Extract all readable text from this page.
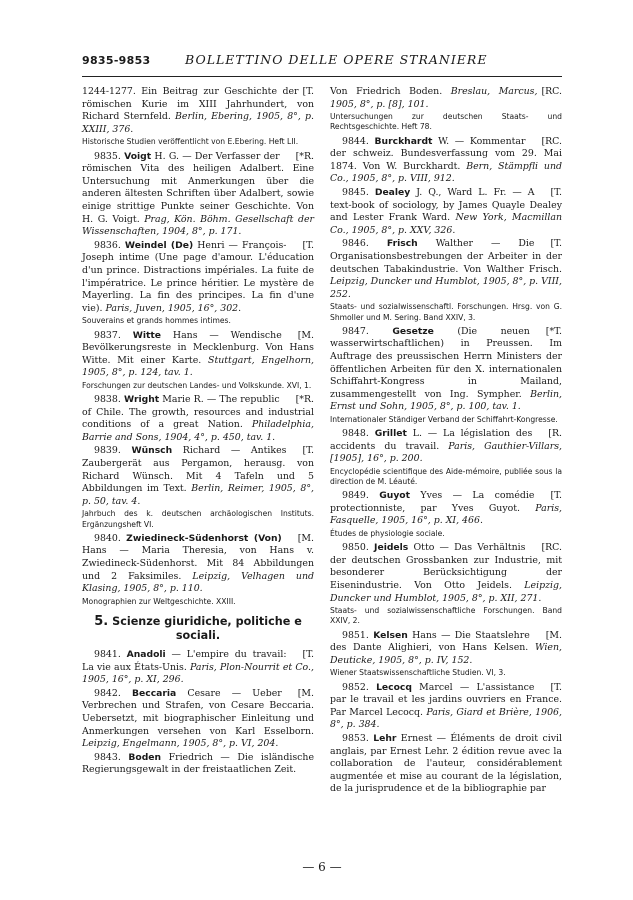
9835-9853	BOLLETTINO DELLE OPERE STRANIERE

[T.
1244-1277. Ein Beitrag zur Geschichte der römischen Kurie im XIII Jahrhundert, von Richard Sternfeld. Berlin, Ebering, 1905, 8°, p. XXIII, 376.

Historische Studien veröffentlicht von E.Ebering. Heft LII.

[*R.
9835. Voigt H. G. — Der Verfasser der römischen Vita des heiligen Adalbert. Eine Untersuchung mit Anmerkungen über die anderen ältesten Schriften über Adalbert, sowie einige strittige Punkte seiner Geschichte. Von H. G. Voigt. Prag, Kön. Böhm. Gesellschaft der Wissenschaften, 1904, 8°, p. 171.

[T.
9836. Weindel (De) Henri — François-Joseph intime (Une page d'amour. L'éducation d'un prince. Distractions impériales. La fuite de l'impératrice. Le prince héritier. Le mystère de Mayerling. La fin des principes. La fin d'une vie). Paris, Juven, 1905, 16°, 302.

Souverains et grands hommes intimes.

[M.
9837. Witte Hans — Wendische Bevölkerungsreste in Mecklenburg. Von Hans Witte. Mit einer Karte. Stuttgart, Engelhorn, 1905, 8°, p. 124, tav. 1.

Forschungen zur deutschen Landes- und Volkskunde. XVI, 1.

[*R.
9838. Wright Marie R. — The republic of Chile. The growth, resources and industrial conditions of a great Nation. Philadelphia, Barrie and Sons, 1904, 4°, p. 450, tav. 1.

[T.
9839. Wünsch Richard — Antikes Zaubergerät aus Pergamon, herausg. von Richard Wünsch. Mit 4 Tafeln und 5 Abbildungen im Text. Berlin, Reimer, 1905, 8°, p. 50, tav. 4.

Jahrbuch des k. deutschen archäologischen Instituts. Ergänzungsheft VI.

[M.
9840. Zwiedineck-Südenhorst (Von) Hans — Maria Theresia, von Hans v. Zwiedineck-Südenhorst. Mit 84 Abbildungen und 2 Faksimiles. Leipzig, Velhagen und Klasing, 1905, 8°, p. 110.

Monographien zur Weltgeschichte. XXIII.

5. Scienze giuridiche, politiche e sociali.

[T.
9841. Anadoli — L'empire du travail: La vie aux États-Unis. Paris, Plon-Nourrit et Co., 1905, 16°, p. XI, 296.

[M.
9842. Beccaria Cesare — Ueber Verbrechen und Strafen, von Cesare Beccaria. Uebersetzt, mit biographischer Einleitung und Anmerkungen versehen von Karl Esselborn. Leipzig, Engelmann, 1905, 8°, p. VI, 204.

9843. Boden Friedrich — Die isländische Regierungsgewalt in der freistaatlichen Zeit.

[RC.
Von Friedrich Boden. Breslau, Marcus, 1905, 8°, p. [8], 101.

Untersuchungen zur deutschen Staats- und Rechtsgeschichte. Heft 78.

[RC.
9844. Burckhardt W. — Kommentar der schweiz. Bundesverfassung vom 29. Mai 1874. Von W. Burckhardt. Bern, Stämpfli und Co., 1905, 8°, p. VIII, 912.

[T.
9845. Dealey J. Q., Ward L. Fr. — A text-book of sociology, by James Quayle Dealey and Lester Frank Ward. New York, Macmillan Co., 1905, 8°, p. XXV, 326.

[T.
9846. Frisch Walther — Die Organisationsbestrebungen der Arbeiter in der deutschen Tabakindustrie. Von Walther Frisch. Leipzig, Duncker und Humblot, 1905, 8°, p. VIII, 252.

Staats- und sozialwissenschaftl. Forschungen. Hrsg. von G. Shmoller und M. Sering. Band XXIV, 3.

[*T.
9847. Gesetze (Die neuen wasserwirtschaftlichen) in Preussen. Im Auftrage des preussischen Herrn Ministers der öffentlichen Arbeiten für den X. internationalen Schiffahrt-Kongress in Mailand, zusammengestellt von Ing. Sympher. Berlin, Ernst und Sohn, 1905, 8°, p. 100, tav. 1.

Internationaler Ständiger Verband der Schiffahrt-Kongresse.

[R.
9848. Grillet L. — La législation des accidents du travail. Paris, Gauthier-Villars, [1905], 16°, p. 200.

Encyclopédie scientifique des Aide-mémoire, publiée sous la direction de M. Léauté.

[T.
9849. Guyot Yves — La comédie protectionniste, par Yves Guyot. Paris, Fasquelle, 1905, 16°, p. XI, 466.

Études de physiologie sociale.

[RC.
9850. Jeidels Otto — Das Verhältnis der deutschen Grossbanken zur Industrie, mit besonderer Berücksichtigung der Eisenindustrie. Von Otto Jeidels. Leipzig, Duncker und Humblot, 1905, 8°, p. XII, 271.

Staats- und sozialwissenschaftliche Forschungen. Band XXIV, 2.

[M.
9851. Kelsen Hans — Die Staatslehre des Dante Alighieri, von Hans Kelsen. Wien, Deuticke, 1905, 8°, p. IV, 152.

Wiener Staatswissenschaftliche Studien. VI, 3.

[T.
9852. Lecocq Marcel — L'assistance par le travail et les jardins ouvriers en France. Par Marcel Lecocq. Paris, Giard et Brière, 1906, 8°, p. 384.

9853. Lehr Ernest — Éléments de droit civil anglais, par Ernest Lehr. 2 édition revue avec la collaboration de l'auteur, considérablement augmentée et mise au courant de la législation, de la jurisprudence et de la bibliographie par

— 6 —
